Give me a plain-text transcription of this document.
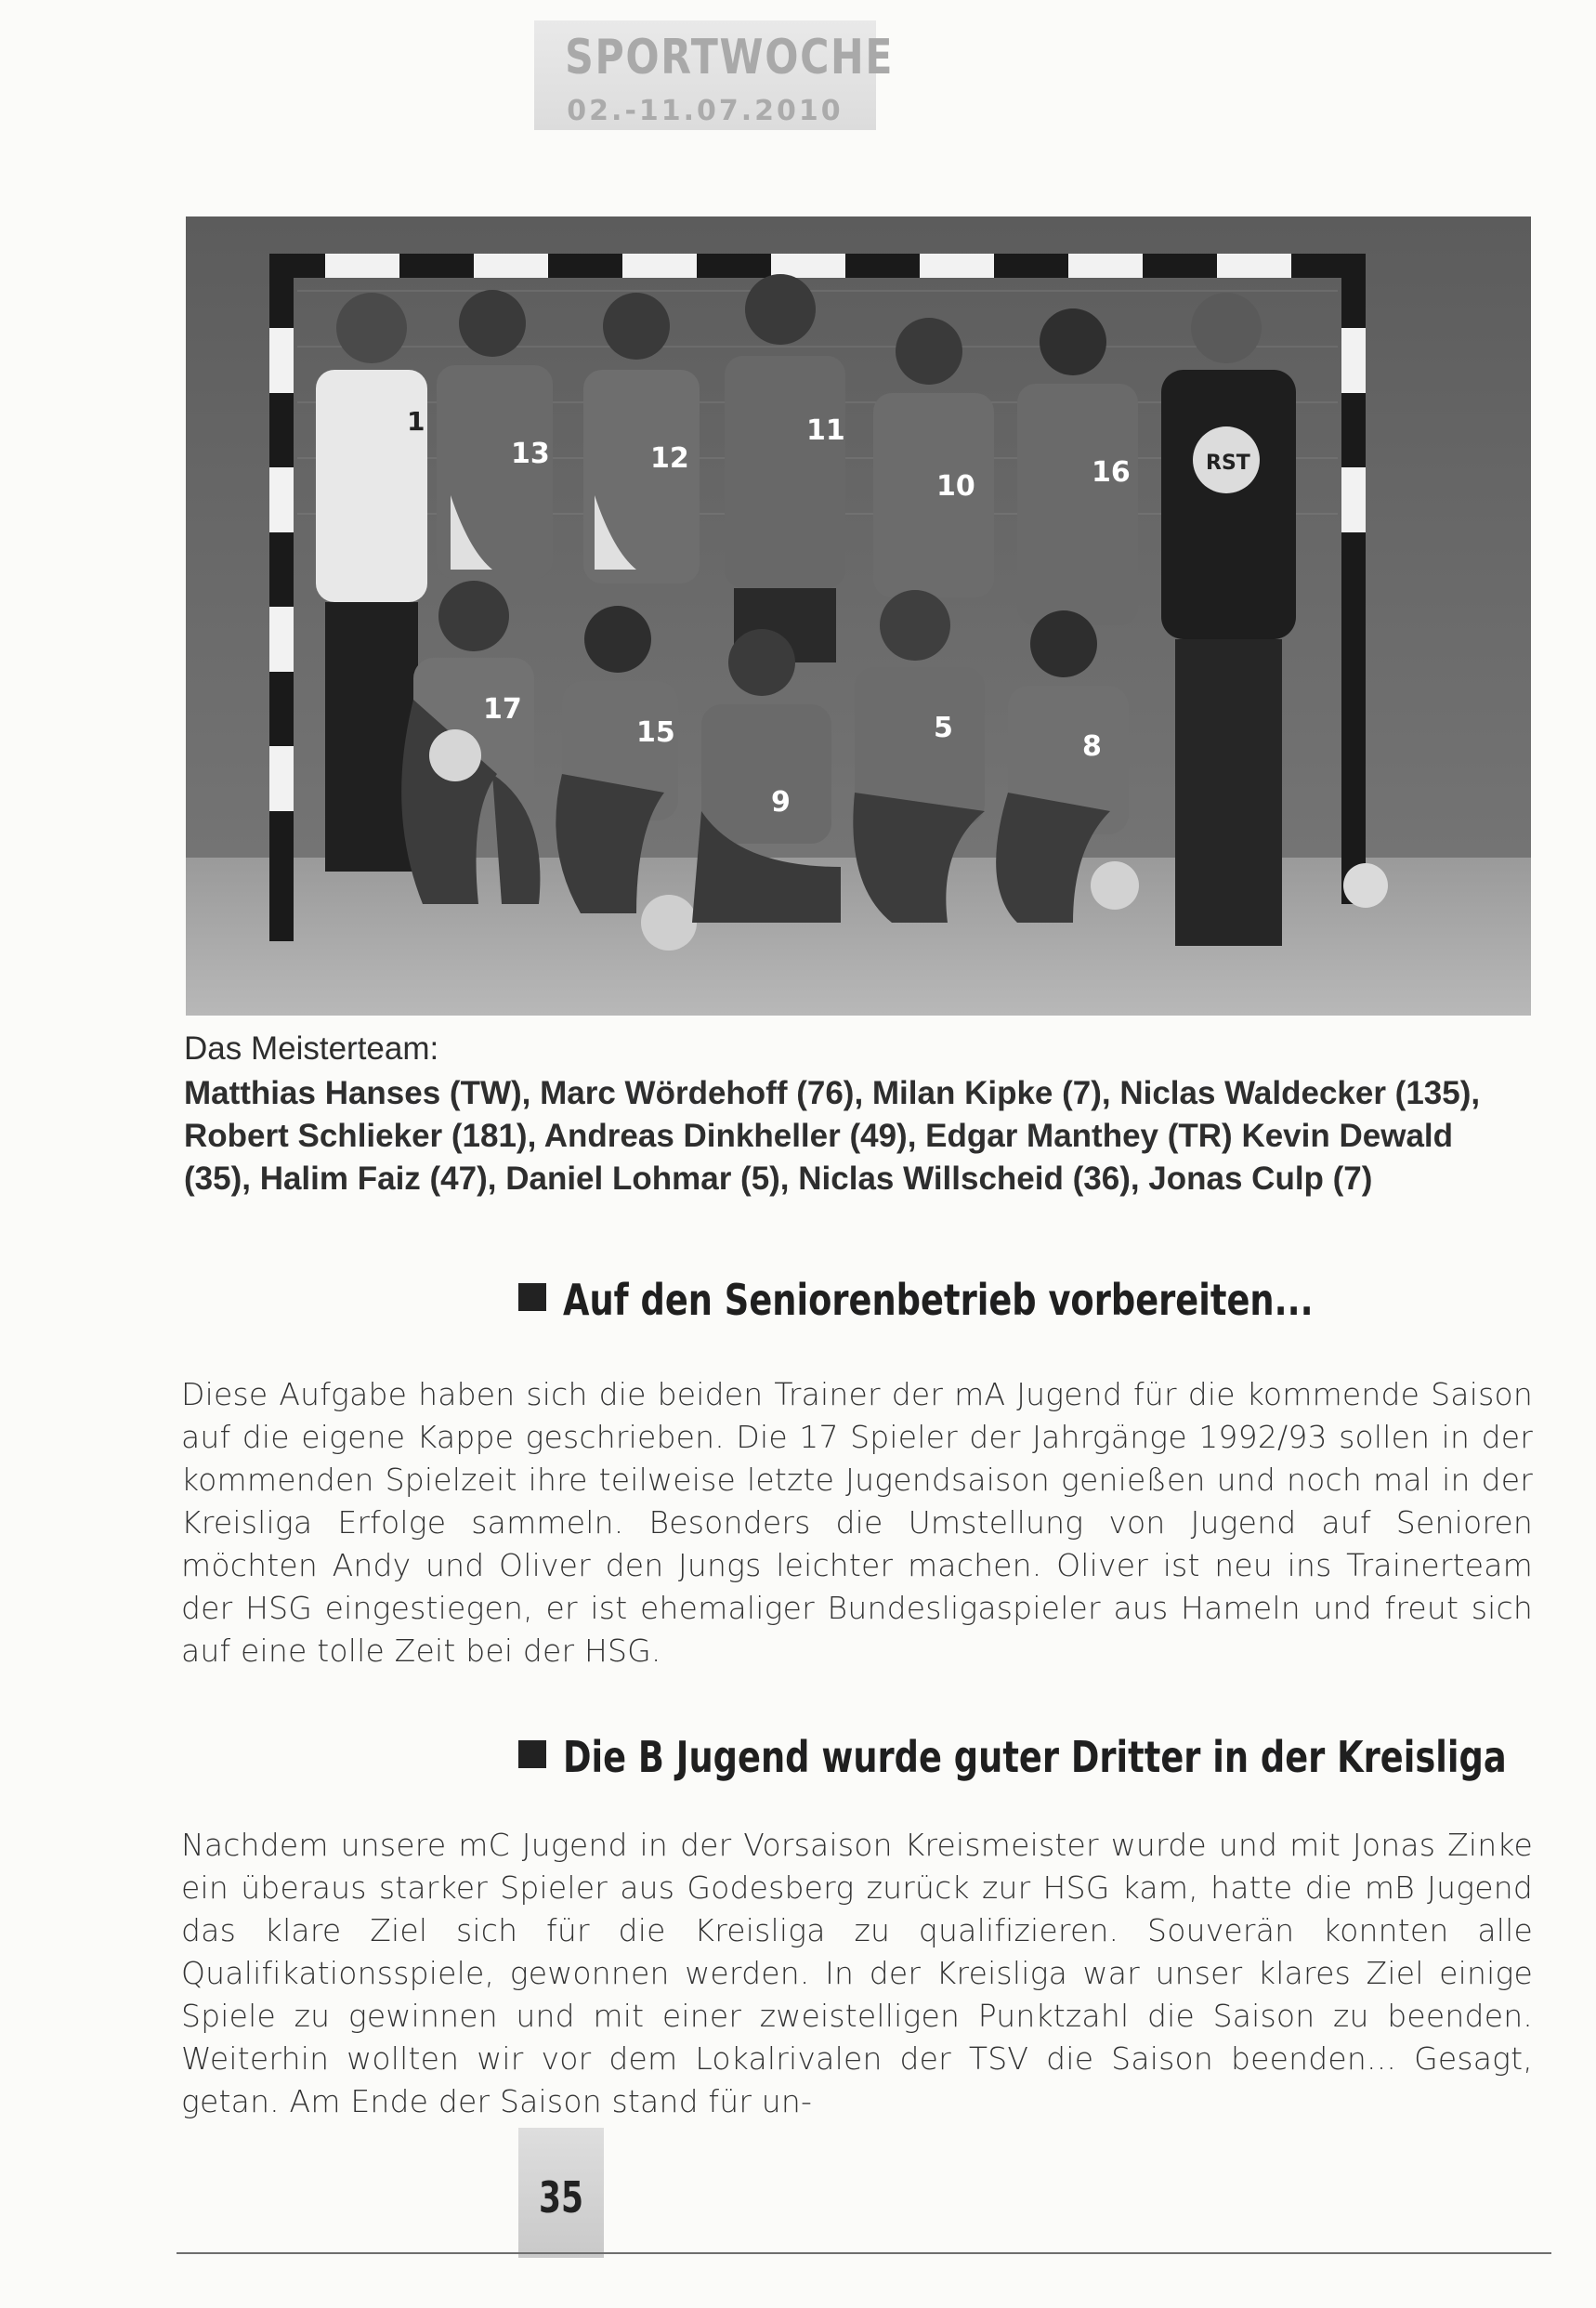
SPORTWOCHE
02.-11.07.2010
1
13	12
11
10	16	RST
17
15
9
5
8
Das Meisterteam:
Matthias Hanses (TW), Marc Wördehoff (76), Milan Kipke (7), Niclas Waldecker (135),
Robert Schlieker (181), Andreas Dinkheller (49), Edgar Manthey (TR) Kevin Dewald
(35), Halim Faiz (47), Daniel Lohmar (5), Niclas Willscheid (36), Jonas Culp (7)
Auf den Seniorenbetrieb vorbereiten...
Diese Aufgabe haben sich die beiden Trainer der mA Jugend für die kommende Saison auf die eigene Kappe geschrieben. Die 17 Spieler der Jahrgänge 1992/93 sollen in der kommenden Spielzeit ihre teilweise letzte Jugendsaison genießen und noch mal in der Kreisliga Erfolge sammeln. Besonders die Umstellung von Jugend auf Senioren möchten Andy und Oliver den Jungs leichter machen. Oliver ist neu ins Trainerteam der HSG eingestiegen, er ist ehemaliger Bundesligaspieler aus Hameln und freut sich auf eine tolle Zeit bei der HSG.
Die B Jugend wurde guter Dritter in der Kreisliga
Nachdem unsere mC Jugend in der Vorsaison Kreismeister wurde und mit Jonas Zinke ein überaus starker Spieler aus Godesberg zurück zur HSG kam, hatte die mB Jugend das klare Ziel sich für die Kreisliga zu qualifizieren. Souverän konnten alle Qualifikationsspiele, gewonnen werden. In der Kreisliga war unser klares Ziel einige Spiele zu gewinnen und mit einer zweistelligen Punktzahl die Saison zu beenden. Weiterhin wollten wir vor dem Lokalrivalen der TSV die Saison beenden... Gesagt, getan. Am Ende der Saison stand für un-
35
